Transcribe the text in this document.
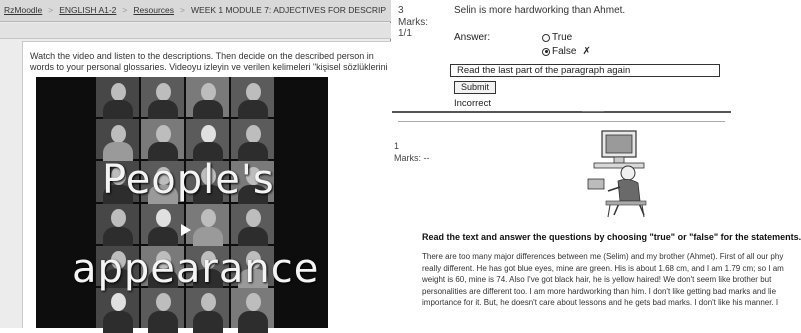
RzMoodle > ENGLISH A1-2 > Resources > WEEK 1 MODULE 7: ADJECTIVES FOR DESCRIP
Watch the video and listen to the descriptions. Then decide on the described person in
words to your personal glossaries. Videoyu izleyin ve verilen kelimeleri "kişisel sözlüklerini
People's
appearance
3	Selin is more hardworking than Ahmet.
Marks:
1/1	Answer:	True
False ✗
Read the last part of the paragraph again
Submit
Incorrect
1
Marks: --
Read the text and answer the questions by choosing "true" or "false" for the statements.
There are too many major differences between me (Selim) and my brother (Ahmet). First of all our phy
really different. He has got blue eyes, mine are green. His is about 1.68 cm, and I am 1.79 cm; so I am
weight is 60, mine is 74. Also I've got black hair, he is yellow haired! We don't seem like brother but
personalities are different too. I am more hardworking than him. I don't like getting bad marks and lie
importance for it. But, he doesn't care about lessons and he gets bad marks. I don't like his manner. I
